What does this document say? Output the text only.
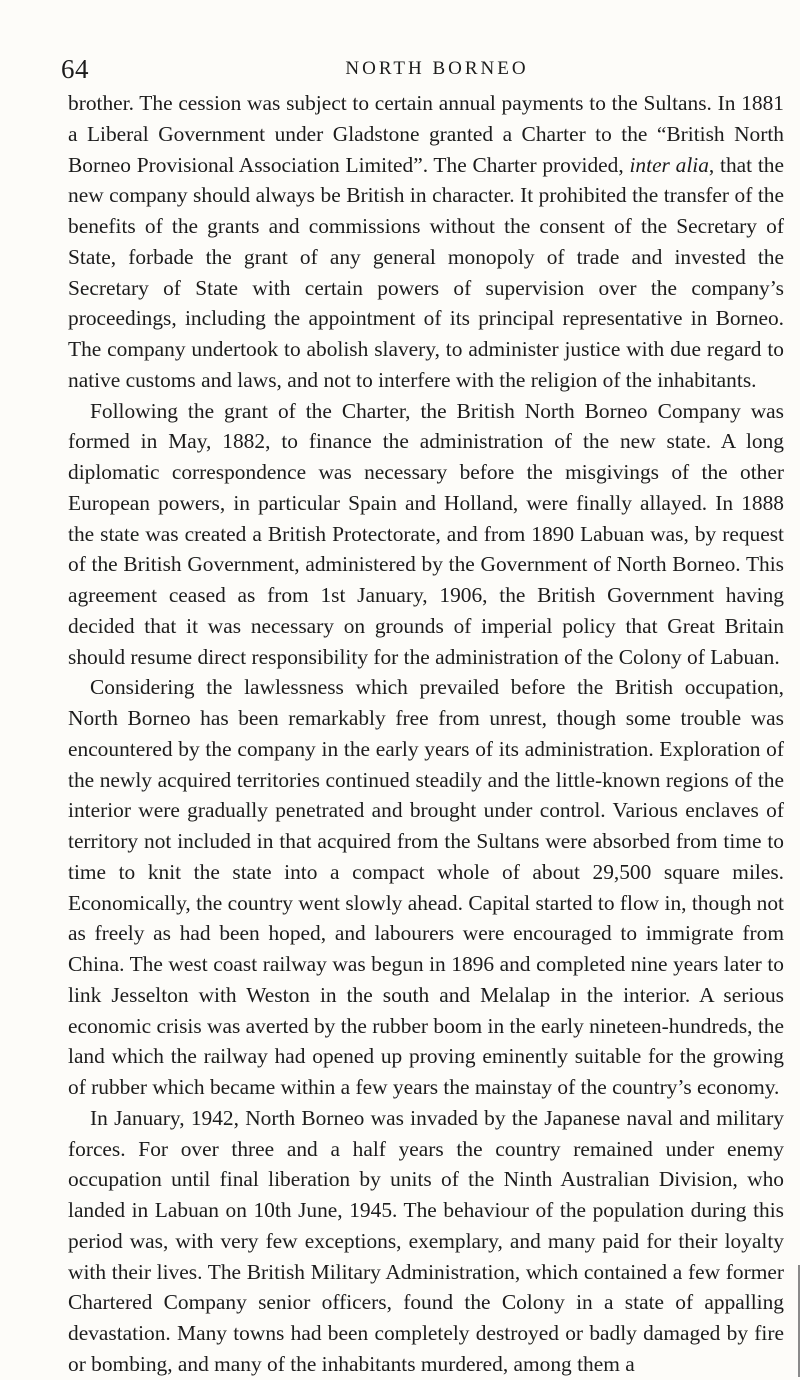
64	NORTH BORNEO

brother. The cession was subject to certain annual payments to the Sultans. In 1881 a Liberal Government under Gladstone granted a Charter to the “British North Borneo Provisional Association Limited”. The Charter provided, inter alia, that the new company should always be British in character. It prohibited the transfer of the benefits of the grants and commissions without the consent of the Secretary of State, forbade the grant of any general monopoly of trade and invested the Secretary of State with certain powers of supervision over the company’s proceedings, including the appointment of its principal representative in Borneo. The company undertook to abolish slavery, to administer justice with due regard to native customs and laws, and not to interfere with the religion of the inhabitants.

Following the grant of the Charter, the British North Borneo Company was formed in May, 1882, to finance the administration of the new state. A long diplomatic correspondence was necessary before the misgivings of the other European powers, in particular Spain and Holland, were finally allayed. In 1888 the state was created a British Protectorate, and from 1890 Labuan was, by request of the British Government, administered by the Government of North Borneo. This agreement ceased as from 1st January, 1906, the British Government having decided that it was necessary on grounds of imperial policy that Great Britain should resume direct responsibility for the administration of the Colony of Labuan.

Considering the lawlessness which prevailed before the British occupation, North Borneo has been remarkably free from unrest, though some trouble was encountered by the company in the early years of its administration. Exploration of the newly acquired territories continued steadily and the little-known regions of the interior were gradually penetrated and brought under control. Various enclaves of territory not included in that acquired from the Sultans were absorbed from time to time to knit the state into a compact whole of about 29,500 square miles. Economically, the country went slowly ahead. Capital started to flow in, though not as freely as had been hoped, and labourers were encouraged to immigrate from China. The west coast railway was begun in 1896 and completed nine years later to link Jesselton with Weston in the south and Melalap in the interior. A serious economic crisis was averted by the rubber boom in the early nineteen-hundreds, the land which the railway had opened up proving eminently suitable for the growing of rubber which became within a few years the mainstay of the country’s economy.

In January, 1942, North Borneo was invaded by the Japanese naval and military forces. For over three and a half years the country remained under enemy occupation until final liberation by units of the Ninth Australian Division, who landed in Labuan on 10th June, 1945. The behaviour of the population during this period was, with very few exceptions, exemplary, and many paid for their loyalty with their lives. The British Military Administration, which contained a few former Chartered Company senior officers, found the Colony in a state of appalling devastation. Many towns had been completely destroyed or badly damaged by fire or bombing, and many of the inhabitants murdered, among them a
